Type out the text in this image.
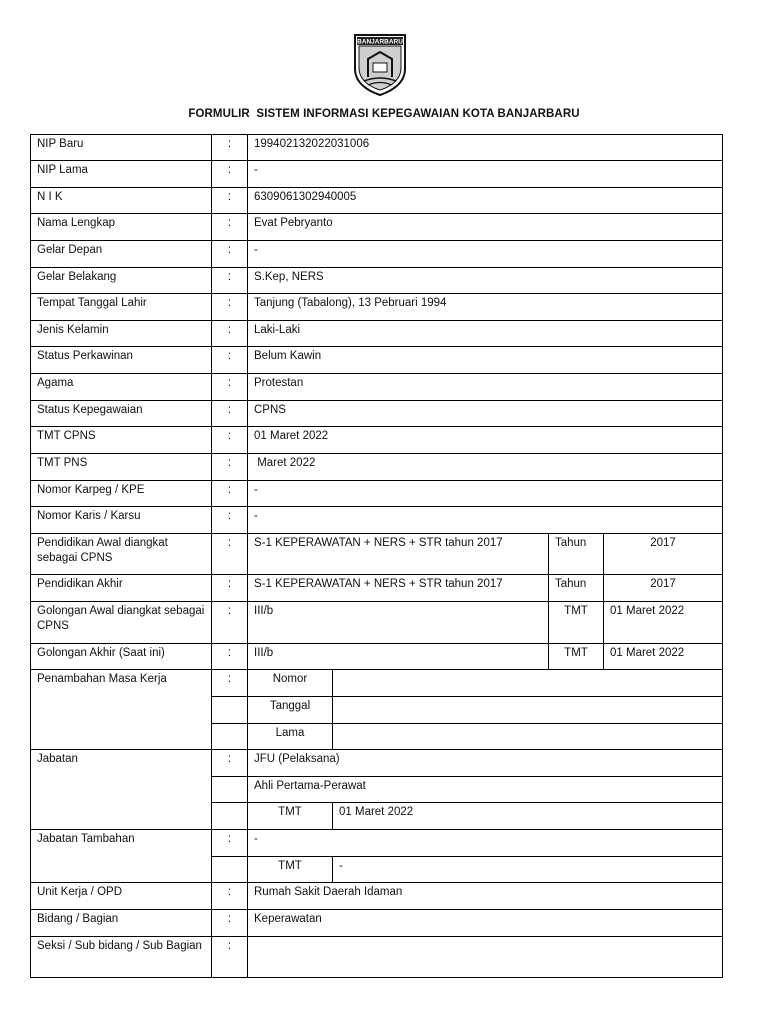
BANJARBARU
FORMULIR  SISTEM INFORMASI KEPEGAWAIAN KOTA BANJARBARU
NIP Baru	:	199402132022031006			
NIP Lama	:	-			
N I K	:	6309061302940005			
Nama Lengkap	:	Evat Pebryanto			
Gelar Depan	:	-			
Gelar Belakang	:	S.Kep, NERS			
Tempat Tanggal Lahir	:	Tanjung (Tabalong), 13 Pebruari 1994			
Jenis Kelamin	:	Laki-Laki			
Status Perkawinan	:	Belum Kawin			
Agama	:	Protestan			
Status Kepegawaian	:	CPNS			
TMT CPNS	:	01 Maret 2022			
TMT PNS	:	Maret 2022			
Nomor Karpeg / KPE	:	-			
Nomor Karis / Karsu	:	-			
Pendidikan Awal diangkat sebagai CPNS	:	S-1 KEPERAWATAN + NERS + STR tahun 2017		Tahun	2017
Pendidikan Akhir	:	S-1 KEPERAWATAN + NERS + STR tahun 2017		Tahun	2017
Golongan Awal diangkat sebagai CPNS	:	III/b		TMT	01 Maret 2022
Golongan Akhir (Saat ini)	:	III/b		TMT	01 Maret 2022
Penambahan Masa Kerja	:	Nomor			
		Tanggal			
		Lama			
Jabatan	:	JFU (Pelaksana)			
		Ahli Pertama-Perawat			
		TMT	01 Maret 2022		
Jabatan Tambahan	:	-			
		TMT	-		
Unit Kerja / OPD	:	Rumah Sakit Daerah Idaman			
Bidang / Bagian	:	Keperawatan			
Seksi / Sub bidang / Sub Bagian	:				
